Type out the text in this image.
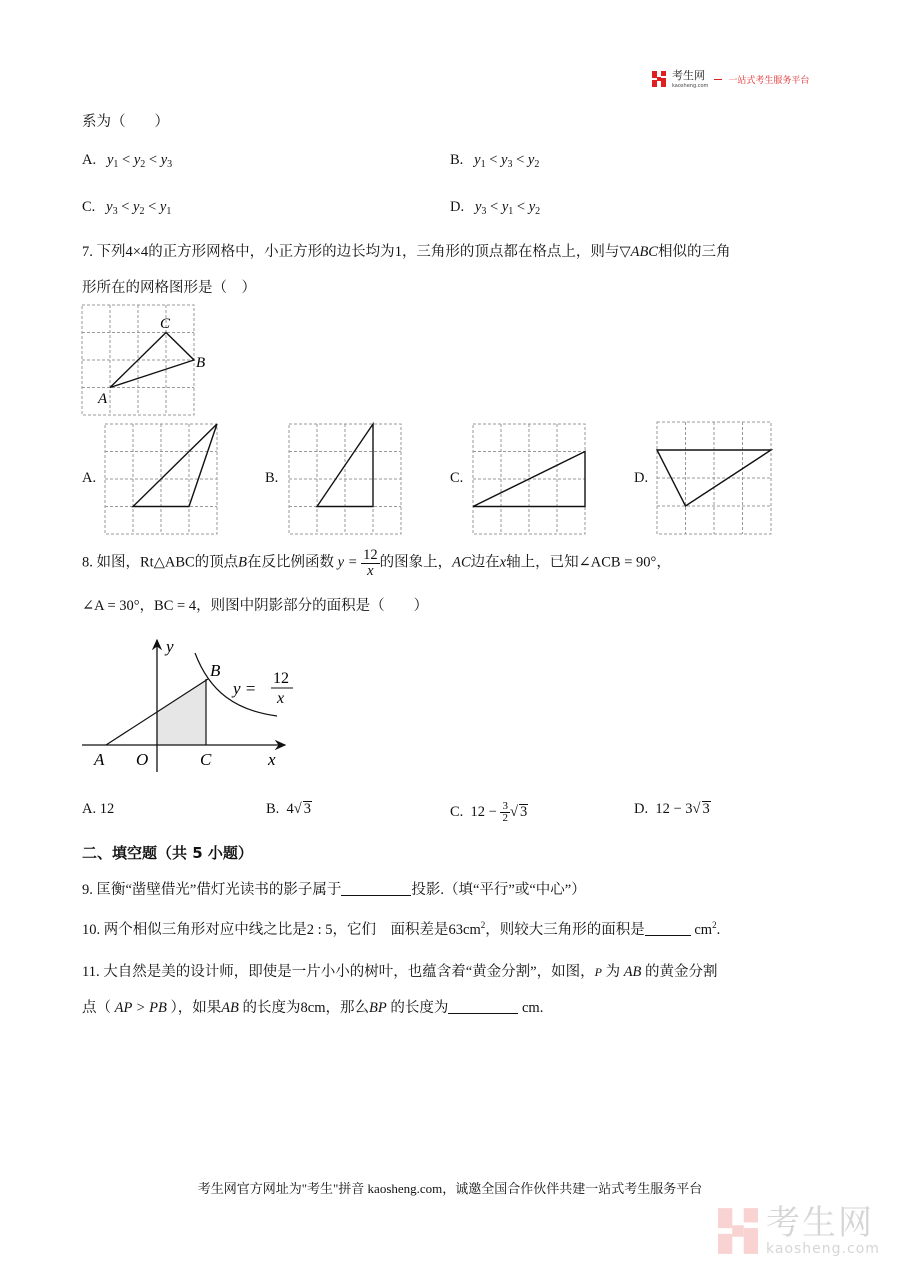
考生网
kaosheng.com 一站式考生服务平台
系为（　　）
A. $y_1 < y_2 < y_3$	B. $y_1 < y_3 < y_2$
C. $y_3 < y_2 < y_1$	D. $y_3 < y_1 < y_2$
7. 下列4×4的正方形网格中，小正方形的边长均为1，三角形的顶点都在格点上，则与▽ABC相似的三角
形所在的网格图形是（　）
C
B
A
A.	B.	C.	D.
8. 如图，Rt△ABC的顶点B在反比例函数 $y = \frac{12}{x}$ 的图象上，AC边在x轴上，已知∠ACB = 90°，
∠A = 30°，BC = 4，则图中阴影部分的面积是（　　）
y
x
A O	C
B
y =
12
x
A. 12	B. 4√ 3	C. $12 - \frac{3}{2}$ √ 3	D. 12 − 3√ 3
二、填空题（共 5 小题）
9. 匡衡“凿壁借光”借灯光读书的影子属于	投影.（填“平行”或“中心”）
10. 两个相似三角形对应中线之比是2 : 5，它们　面积差是$63cm^2$，则较大三角形的面积是	$cm^2$.
11. 大自然是美的设计师，即使是一片小小的树叶，也蕴含着“黄金分割”，如图，P 为 AB 的黄金分割
点（ AP > PB ），如果AB 的长度为8cm，那么BP 的长度为	cm.
考生网官方网址为"考生"拼音 kaosheng.com，诚邀全国合作伙伴共建一站式考生服务平台
考生网
kaosheng.com
